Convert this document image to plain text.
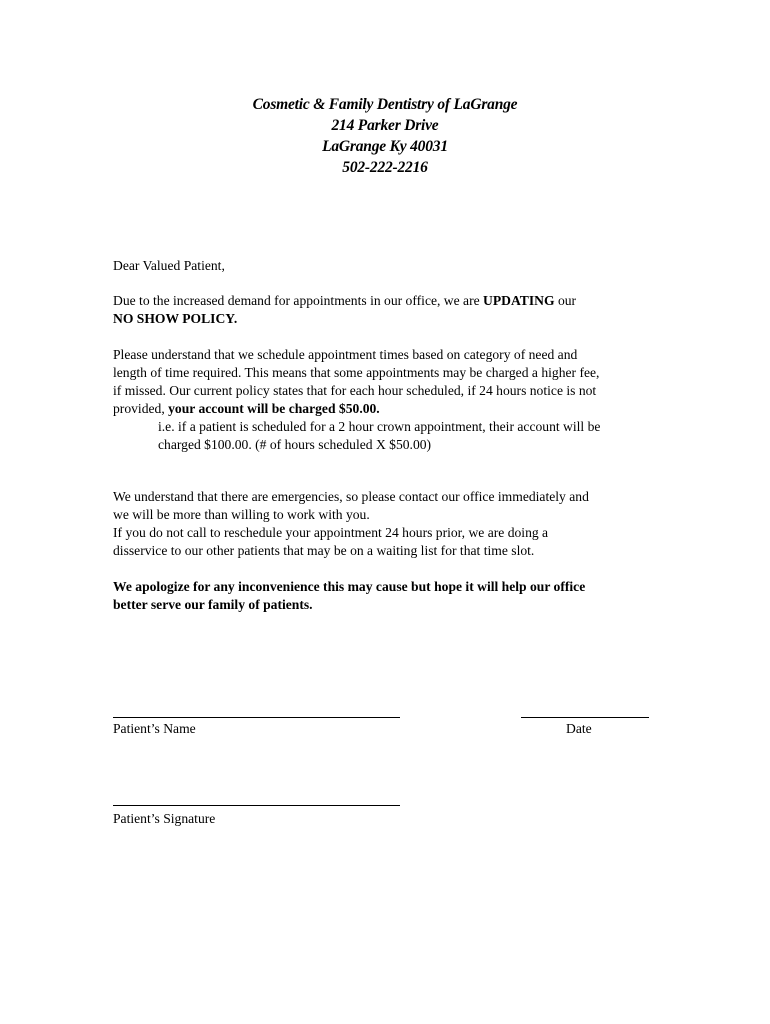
Cosmetic & Family Dentistry of LaGrange
214 Parker Drive
LaGrange Ky 40031
502-222-2216
Dear Valued Patient,
Due to the increased demand for appointments in our office, we are UPDATING our
NO SHOW POLICY.
Please understand that we schedule appointment times based on category of need and
length of time required. This means that some appointments may be charged a higher fee,
if missed. Our current policy states that for each hour scheduled, if 24 hours notice is not
provided, your account will be charged $50.00.
i.e. if a patient is scheduled for a 2 hour crown appointment, their account will be
charged $100.00. (# of hours scheduled X $50.00)
We understand that there are emergencies, so please contact our office immediately and
we will be more than willing to work with you.
If you do not call to reschedule your appointment 24 hours prior, we are doing a
disservice to our other patients that may be on a waiting list for that time slot.
We apologize for any inconvenience this may cause but hope it will help our office
better serve our family of patients.
Patient’s Name	Date
Patient’s Signature
